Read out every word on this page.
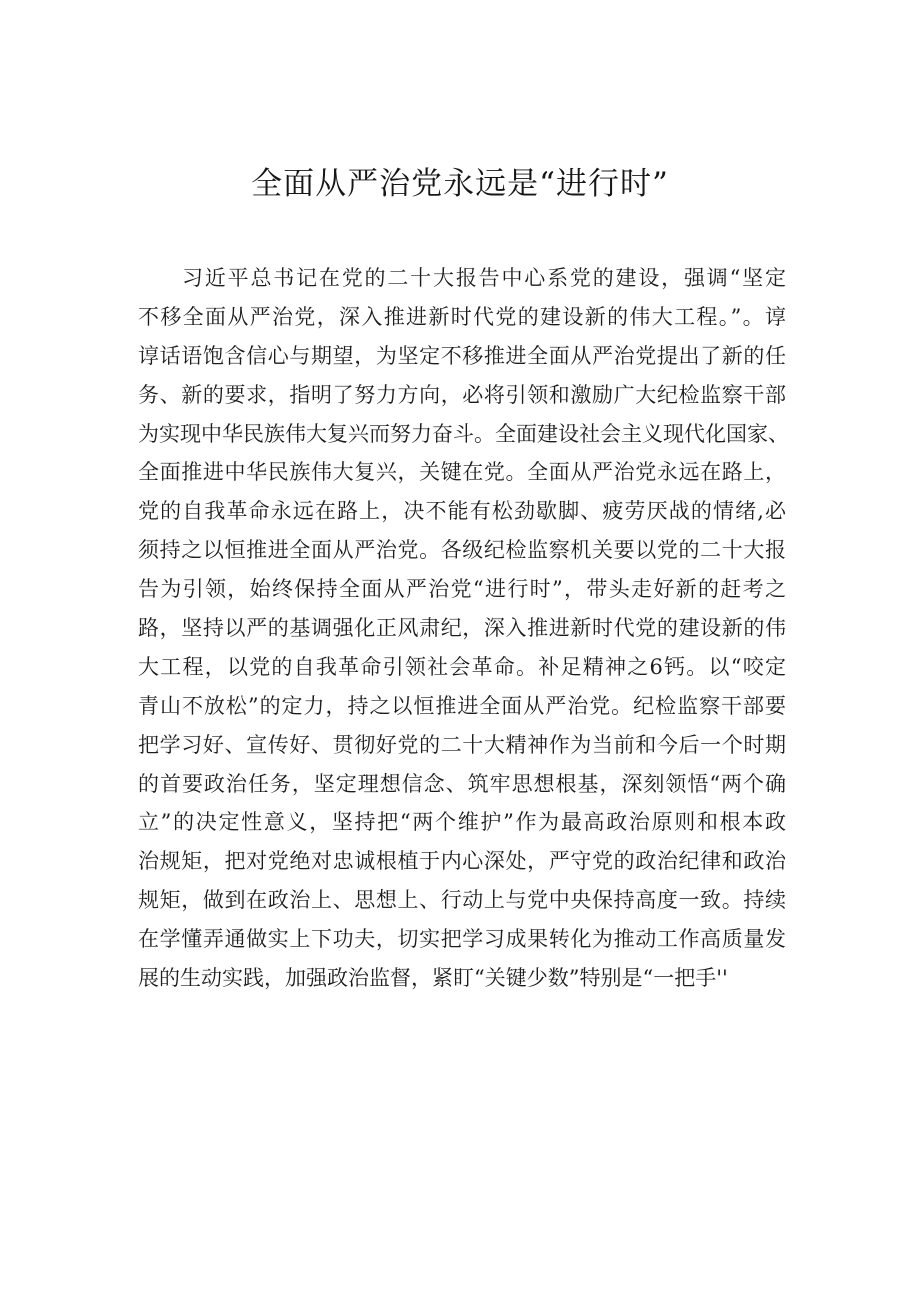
全面从严治党永远是“进行时”
习近平总书记在党的二十大报告中心系党的建设，强调“坚定
不移全面从严治党，深入推进新时代党的建设新的伟大工程。”。谆
谆话语饱含信心与期望，为坚定不移推进全面从严治党提出了新的任
务、新的要求，指明了努力方向，必将引领和激励广大纪检监察干部
为实现中华民族伟大复兴而努力奋斗。全面建设社会主义现代化国家、
全面推进中华民族伟大复兴，关键在党。全面从严治党永远在路上，
党的自我革命永远在路上，决不能有松劲歇脚、疲劳厌战的情绪,必
须持之以恒推进全面从严治党。各级纪检监察机关要以党的二十大报
告为引领，始终保持全面从严治党“进行时”，带头走好新的赶考之
路，坚持以严的基调强化正风肃纪，深入推进新时代党的建设新的伟
大工程，以党的自我革命引领社会革命。补足精神之6钙。以“咬定
青山不放松”的定力，持之以恒推进全面从严治党。纪检监察干部要
把学习好、宣传好、贯彻好党的二十大精神作为当前和今后一个时期
的首要政治任务，坚定理想信念、筑牢思想根基，深刻领悟“两个确
立”的决定性意义，坚持把“两个维护”作为最高政治原则和根本政
治规矩，把对党绝对忠诚根植于内心深处，严守党的政治纪律和政治
规矩，做到在政治上、思想上、行动上与党中央保持高度一致。持续
在学懂弄通做实上下功夫，切实把学习成果转化为推动工作高质量发
展的生动实践，加强政治监督，紧盯“关键少数”特别是“一把手''
